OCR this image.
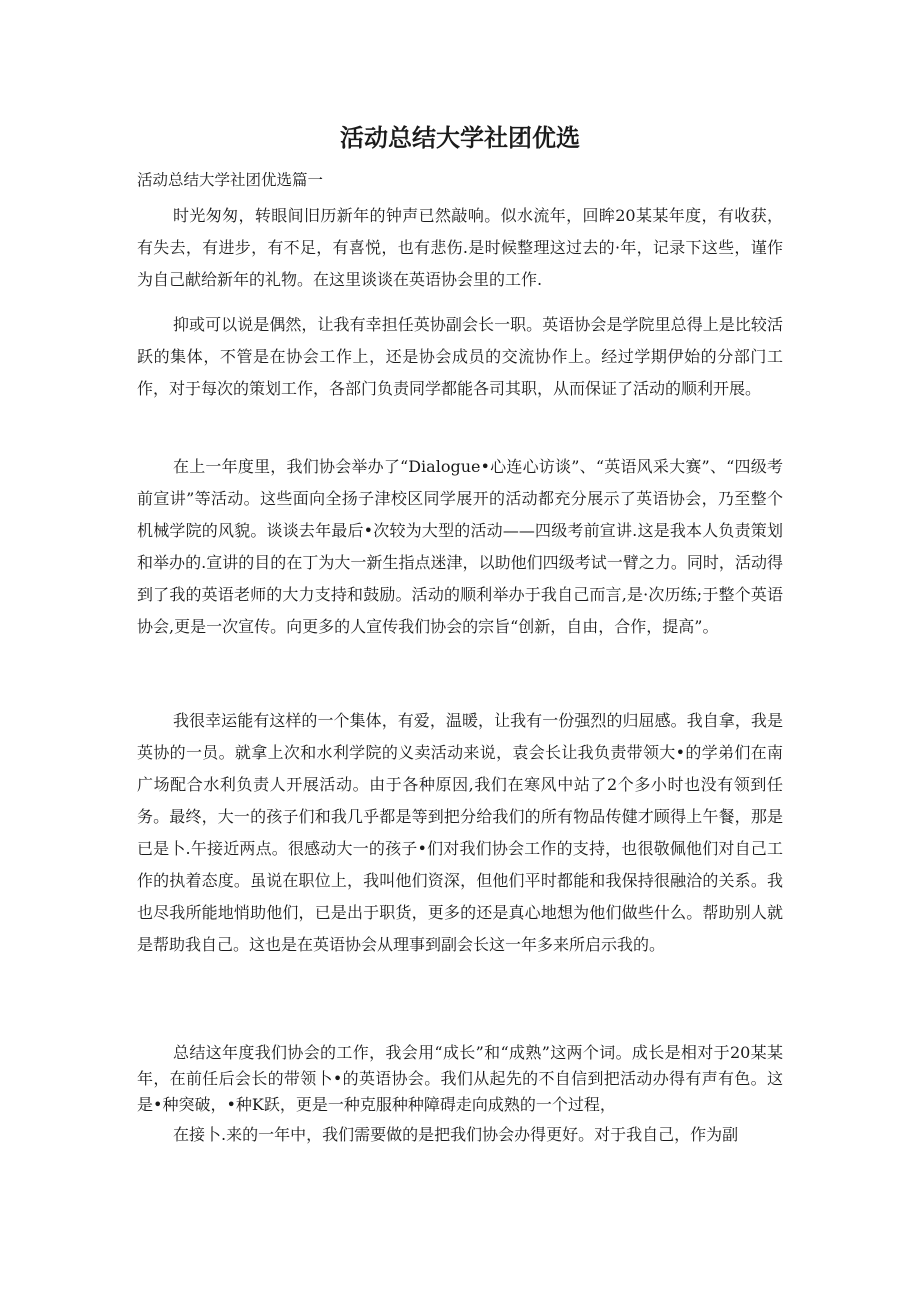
活动总结大学社团优选

活动总结大学社团优选篇一

时光匆匆，转眼间旧历新年的钟声已然敲响。似水流年，回眸20某某年度，有收获，有失去，有进步，有不足，有喜悦，也有悲伤.是时候整理这过去的·年，记录下这些，谨作为自己献给新年的礼物。在这里谈谈在英语协会里的工作.

抑或可以说是偶然，让我有幸担任英协副会长一职。英语协会是学院里总得上是比较活跃的集体，不管是在协会工作上，还是协会成员的交流协作上。经过学期伊始的分部门工作，对于每次的策划工作，各部门负责同学都能各司其职，从而保证了活动的顺利开展。

在上一年度里，我们协会举办了“Dialogue•心连心访谈”、“英语风采大赛”、“四级考前宣讲”等活动。这些面向全扬子津校区同学展开的活动都充分展示了英语协会，乃至整个机械学院的风貌。谈谈去年最后•次较为大型的活动——四级考前宣讲.这是我本人负责策划和举办的.宣讲的目的在丁为大一新生指点迷津，以助他们四级考试一臂之力。同时，活动得到了我的英语老师的大力支持和鼓励。活动的顺利举办于我自己而言,是·次历练;于整个英语协会,更是一次宣传。向更多的人宣传我们协会的宗旨“创新，自由，合作，提高”。

我很幸运能有这样的一个集体，有爱，温暖，让我有一份强烈的归屈感。我自拿，我是英协的一员。就拿上次和水利学院的义卖活动来说，袁会长让我负责带领大•的学弟们在南广场配合水利负责人开展活动。由于各种原因,我们在寒风中站了2个多小时也没有领到任务。最终，大一的孩子们和我几乎都是等到把分给我们的所有物品传健才顾得上午餐，那是已是卜.午接近两点。很感动大一的孩子•们对我们协会工作的支持，也很敬佩他们对自己工作的执着态度。虽说在职位上，我叫他们资深，但他们平时都能和我保持很融洽的关系。我也尽我所能地悄助他们，已是出于职货，更多的还是真心地想为他们做些什么。帮助别人就是帮助我自己。这也是在英语协会从理事到副会长这一年多来所启示我的。

总结这年度我们协会的工作，我会用“成长”和“成熟”这两个词。成长是相对于20某某年，在前任后会长的带领卜•的英语协会。我们从起先的不自信到把活动办得有声有色。这是•种突破，•种K跃，更是一种克服种种障碍走向成熟的一个过程，

在接卜.来的一年中，我们需要做的是把我们协会办得更好。对于我自己，作为副
